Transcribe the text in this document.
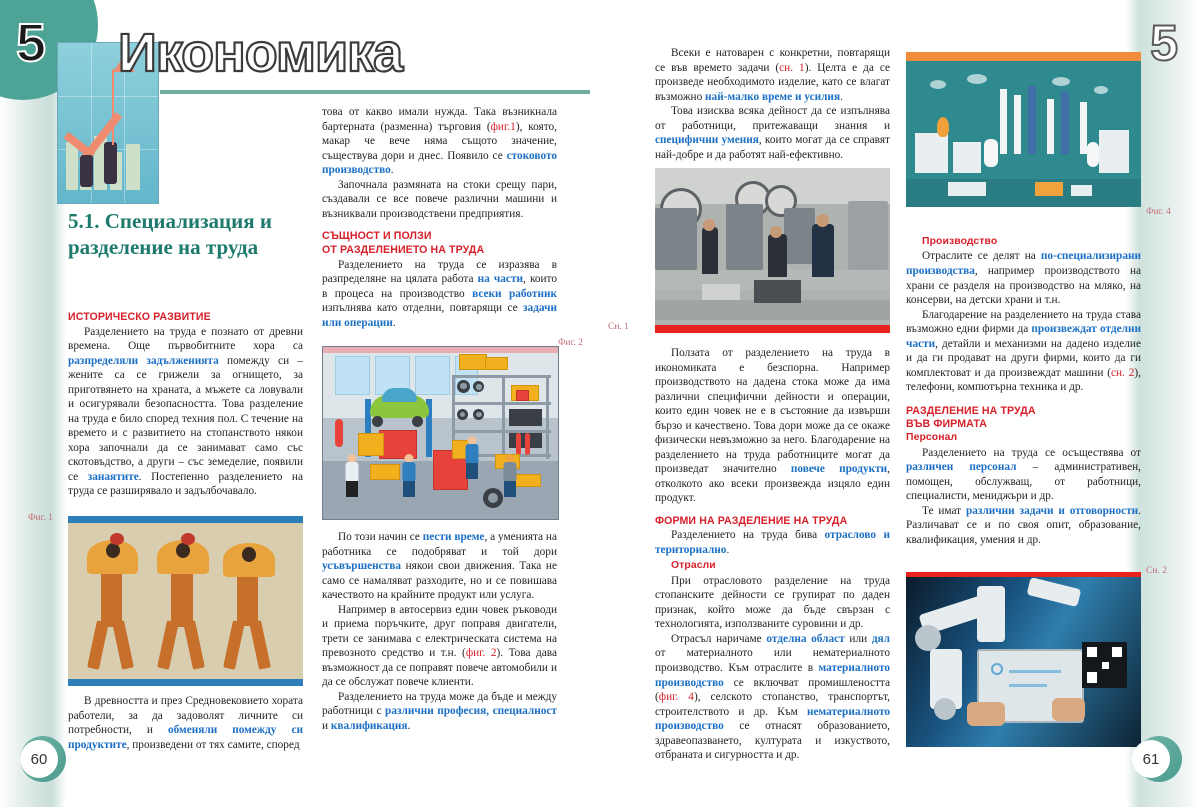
5	5
Икономика
5.1. Специализация и разделение на труда
ИСТОРИЧЕСКО РАЗВИТИЕ

Разделението на труда е познато от древни времена. Още първобитните хора са разпределяли задълженията помежду си – жените са се грижели за огнището, за приготвянето на храната, а мъжете са ловували и осигурявали безопасността. Това разделение на труда е било според техния пол. С течение на времето и с развитието на стопанството някои хора започнали да се занимават само със скотовъдство, а други – със земеделие, появили се занаятите. Постепенно разделението на труда се разширявало и задълбочавало.

Фиг. 1

В древността и през Средновековието хората работели, за да задоволят личните си потребности, и обменяли помежду си продуктите, произведени от тях самите, според

това от какво имали нужда. Така възникнала бартерната (разменна) търговия (фиг.1), която, макар че вече няма същото значение, съществува дори и днес. Появило се стоковото производство.

Започнала размяната на стоки срещу пари, създавали се все повече различни машини и възниквали производствени предприятия.

СЪЩНОСТ И ПОЛЗИ
ОТ РАЗДЕЛЕНИЕТО НА ТРУДА

Разделението на труда се изразява в разпределяне на цялата работа на части, които в процеса на производство всеки работник изпълнява като отделни, повтарящи се задачи или операции.

Фиг. 2

По този начин се пести време, а уменията на работника се подобряват и той дори усъвършенства някои свои движения. Така не само се намаляват разходите, но и се повишава качеството на крайните продукт или услуга.

Например в автосервиз един човек ръководи и приема поръчките, друг поправя двигатели, трети се занимава с електрическата система на превозното средство и т.н. (фиг. 2). Това дава възможност да се поправят повече автомобили и да се обслужат повече клиенти.

Разделението на труда може да бъде и между работници с различни професия, специалност и квалификация.

Всеки е натоварен с конкретни, повтарящи се във времето задачи (сн. 1). Целта е да се произведе необходимото изделие, като се влагат възможно най-малко време и усилия.

Това изисква всяка дейност да се изпълнява от работници, притежаващи знания и специфични умения, които могат да се справят най-добре и да работят най-ефективно.

Сн. 1

Ползата от разделението на труда в икономиката е безспорна. Например производството на дадена стока може да има различни специфични дейности и операции, които един човек не е в състояние да извърши бързо и качествено. Това дори може да се окаже физически невъзможно за него. Благодарение на разделението на труда работниците могат да произведат значително повече продукти, отколкото ако всеки произвежда изцяло един продукт.

ФОРМИ НА РАЗДЕЛЕНИЕ НА ТРУДА

Разделението на труда бива отраслово и териториално.

Отрасли

При отрасловото разделение на труда стопанските дейности се групират по даден признак, който може да бъде свързан с технологията, използваните суровини и др.

Отрасъл наричаме отделна област или дял от материалното или нематериалното производство. Към отраслите в материалното производство се включват промишлеността (фиг. 4), селското стопанство, транспортът, строителството и др. Към нематериалното производство се отнасят образованието, здравеопазването, културата и изкуството, отбраната и сигурността и др.

Фиг. 4
Производство

Отраслите се делят на по-специализирани производства, например производството на храни се разделя на производство на мляко, на консерви, на детски храни и т.н.

Благодарение на разделението на труда става възможно едни фирми да произвеждат отделни части, детайли и механизми на дадено изделие и да ги продават на други фирми, които да ги комплектоват и да произвеждат машини (сн. 2), телефони, компютърна техника и др.

РАЗДЕЛЕНИЕ НА ТРУДА
ВЪВ ФИРМАТА
Персонал

Разделението на труда се осъществява от различен персонал – административен, помощен, обслужващ, от работници, специалисти, мениджъри и др.

Те имат различни задачи и отговорности. Различават се и по своя опит, образование, квалификация, умения и др.

Сн. 2
60	61
